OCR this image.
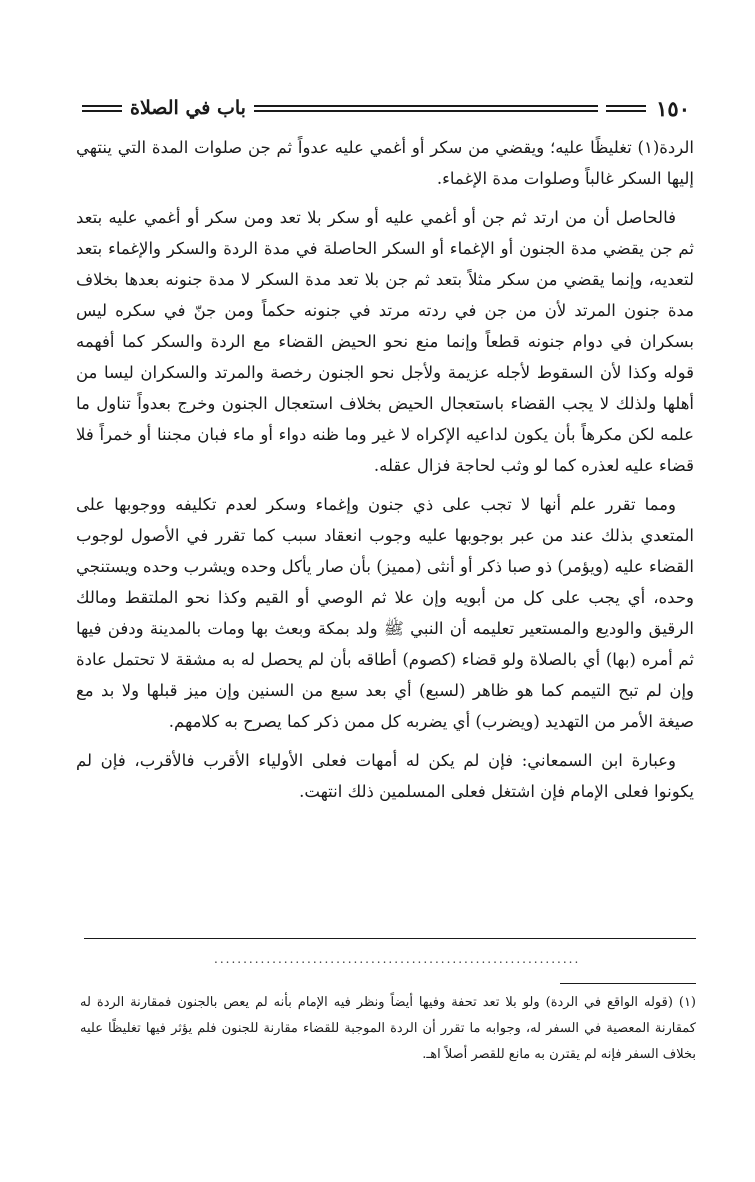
١٥٠
باب في الصلاة

الردة(١) تغليظًا عليه؛ ويقضي من سكر أو أغمي عليه عدواً ثم جن صلوات المدة التي ينتهي إليها السكر غالباً وصلوات مدة الإغماء.

فالحاصل أن من ارتد ثم جن أو أغمي عليه أو سكر بلا تعد ومن سكر أو أغمي عليه بتعد ثم جن يقضي مدة الجنون أو الإغماء أو السكر الحاصلة في مدة الردة والسكر والإغماء بتعد لتعديه، وإنما يقضي من سكر مثلاً بتعد ثم جن بلا تعد مدة السكر لا مدة جنونه بعدها بخلاف مدة جنون المرتد لأن من جن في ردته مرتد في جنونه حكماً ومن جنّ في سكره ليس بسكران في دوام جنونه قطعاً وإنما منع نحو الحيض القضاء مع الردة والسكر كما أفهمه قوله وكذا لأن السقوط لأجله عزيمة ولأجل نحو الجنون رخصة والمرتد والسكران ليسا من أهلها ولذلك لا يجب القضاء باستعجال الحيض بخلاف استعجال الجنون وخرج بعدواً تناول ما علمه لكن مكرهاً بأن يكون لداعيه الإكراه لا غير وما ظنه دواء أو ماء فبان مجننا أو خمراً فلا قضاء عليه لعذره كما لو وثب لحاجة فزال عقله.

ومما تقرر علم أنها لا تجب على ذي جنون وإغماء وسكر لعدم تكليفه ووجوبها على المتعدي بذلك عند من عبر بوجوبها عليه وجوب انعقاد سبب كما تقرر في الأصول لوجوب القضاء عليه (ويؤمر) ذو صبا ذكر أو أنثى (مميز) بأن صار يأكل وحده ويشرب وحده ويستنجي وحده، أي يجب على كل من أبويه وإن علا ثم الوصي أو القيم وكذا نحو الملتقط ومالك الرقيق والوديع والمستعير تعليمه أن النبي ﷺ ولد بمكة وبعث بها ومات بالمدينة ودفن فيها ثم أمره (بها) أي بالصلاة ولو قضاء (كصوم) أطاقه بأن لم يحصل له به مشقة لا تحتمل عادة وإن لم تبح التيمم كما هو ظاهر (لسبع) أي بعد سبع من السنين وإن ميز قبلها ولا بد مع صيغة الأمر من التهديد (ويضرب) أي يضربه كل ممن ذكر كما يصرح به كلامهم.

وعبارة ابن السمعاني: فإن لم يكن له أمهات فعلى الأولياء الأقرب فالأقرب، فإن لم يكونوا فعلى الإمام فإن اشتغل فعلى المسلمين ذلك انتهت.

...............................................................
(١) (قوله الواقع في الردة) ولو بلا تعد تحفة وفيها أيضاً ونظر فيه الإمام بأنه لم يعص بالجنون فمقارنة الردة له كمقارنة المعصية في السفر له، وجوابه ما تقرر أن الردة الموجبة للقضاء مقارنة للجنون فلم يؤثر فيها تغليظًا عليه بخلاف السفر فإنه لم يقترن به مانع للقصر أصلاً اهـ.
